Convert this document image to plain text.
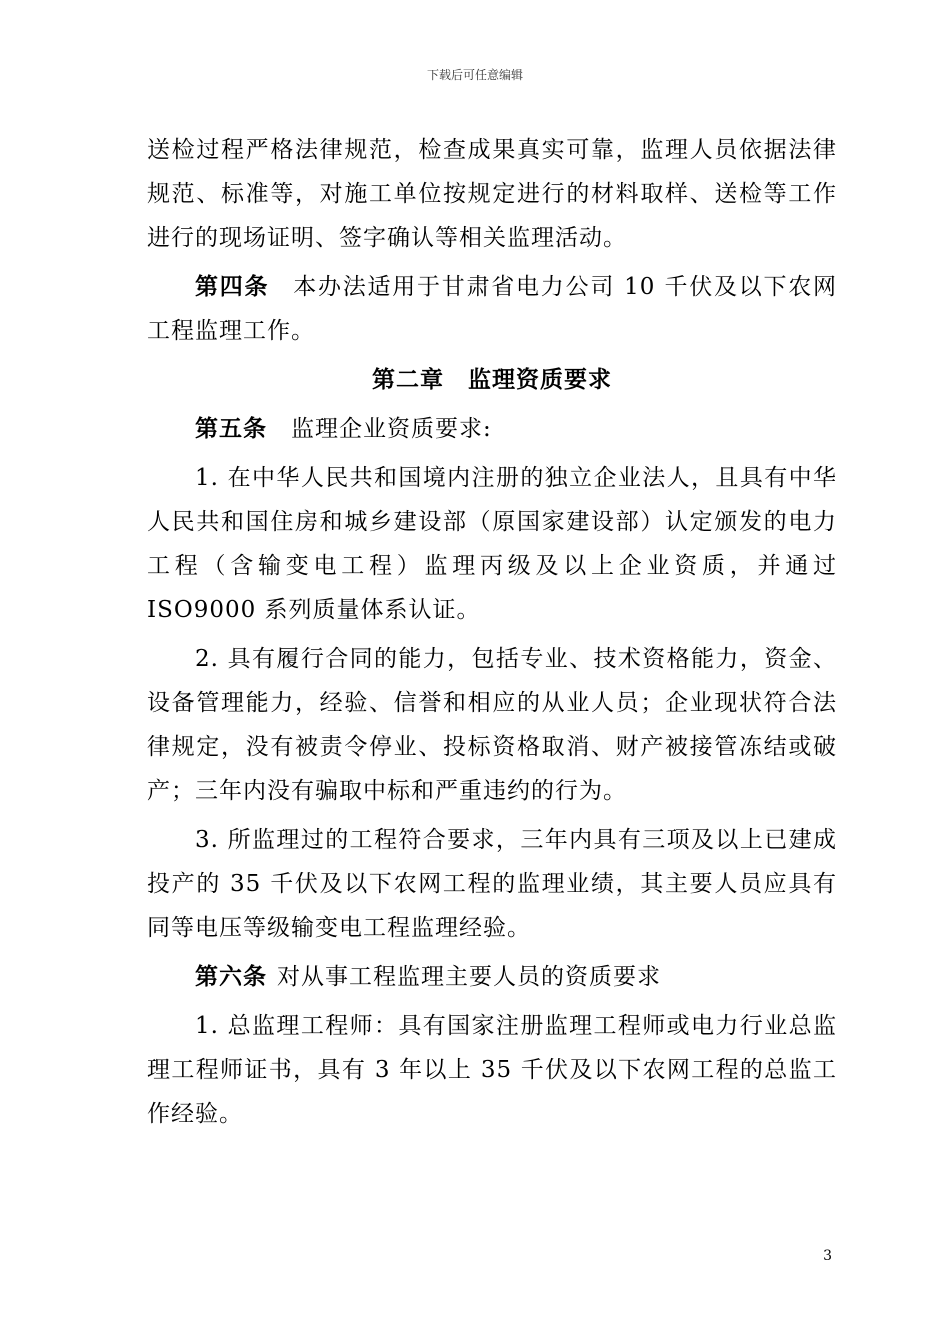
下载后可任意编辑

送检过程严格法律规范，检查成果真实可靠，监理人员依据法律规范、标准等，对施工单位按规定进行的材料取样、送检等工作进行的现场证明、签字确认等相关监理活动。

第四条 本办法适用于甘肃省电力公司 10 千伏及以下农网工程监理工作。

第二章　监理资质要求

第五条 监理企业资质要求:

1. 在中华人民共和国境内注册的独立企业法人，且具有中华人民共和国住房和城乡建设部（原国家建设部）认定颁发的电力工程（含输变电工程）监理丙级及以上企业资质，并通过 ISO9000 系列质量体系认证。

2. 具有履行合同的能力，包括专业、技术资格能力，资金、设备管理能力，经验、信誉和相应的从业人员；企业现状符合法律规定，没有被责令停业、投标资格取消、财产被接管冻结或破产；三年内没有骗取中标和严重违约的行为。

3. 所监理过的工程符合要求，三年内具有三项及以上已建成投产的 35 千伏及以下农网工程的监理业绩，其主要人员应具有同等电压等级输变电工程监理经验。

第六条 对从事工程监理主要人员的资质要求

1. 总监理工程师：具有国家注册监理工程师或电力行业总监理工程师证书，具有 3 年以上 35 千伏及以下农网工程的总监工作经验。

3
